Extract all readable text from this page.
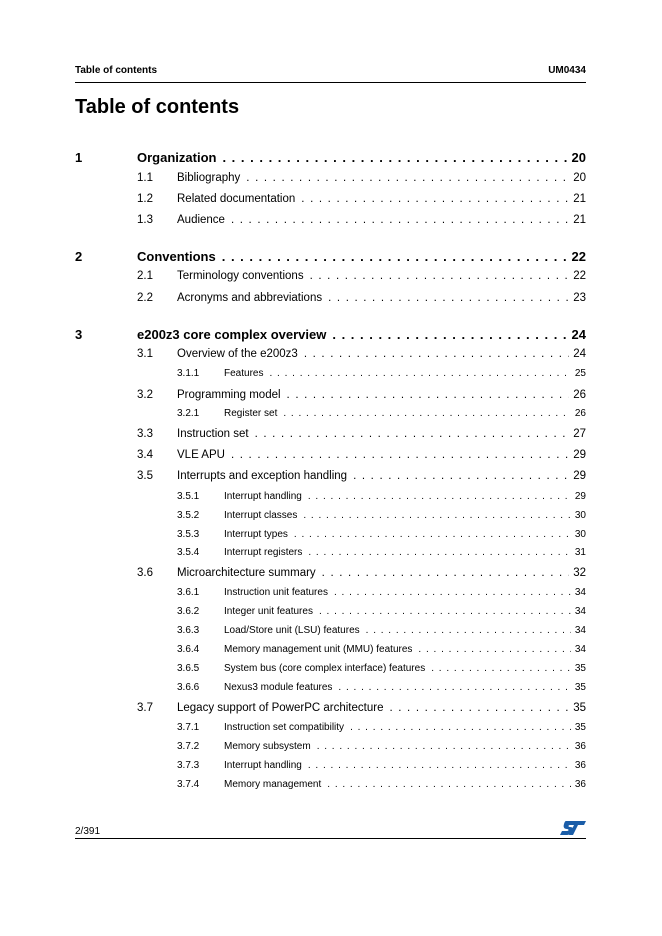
Table of contents	UM0434
Table of contents
1	Organization . . .	20
1.1 Bibliography . . .	20
1.2 Related documentation . . .	21
1.3 Audience . . .	21
2	Conventions . . .	22
2.1 Terminology conventions . . .	22
2.2 Acronyms and abbreviations . . .	23
3	e200z3 core complex overview . . .	24
3.1 Overview of the e200z3 . . .	24
3.1.1 Features . . .	25
3.2 Programming model . . .	26
3.2.1 Register set . . .	26
3.3 Instruction set . . .	27
3.4 VLE APU . . .	29
3.5 Interrupts and exception handling . . .	29
3.5.1 Interrupt handling . . .	29
3.5.2 Interrupt classes . . .	30
3.5.3 Interrupt types . . .	30
3.5.4 Interrupt registers . . .	31
3.6 Microarchitecture summary . . .	32
3.6.1 Instruction unit features . . .	34
3.6.2 Integer unit features . . .	34
3.6.3 Load/Store unit (LSU) features . . .	34
3.6.4 Memory management unit (MMU) features . . .	34
3.6.5 System bus (core complex interface) features . . .	35
3.6.6 Nexus3 module features . . .	35
3.7 Legacy support of PowerPC architecture . . .	35
3.7.1 Instruction set compatibility . . .	35
3.7.2 Memory subsystem . . .	36
3.7.3 Interrupt handling . . .	36
3.7.4 Memory management . . .	36
2/391
